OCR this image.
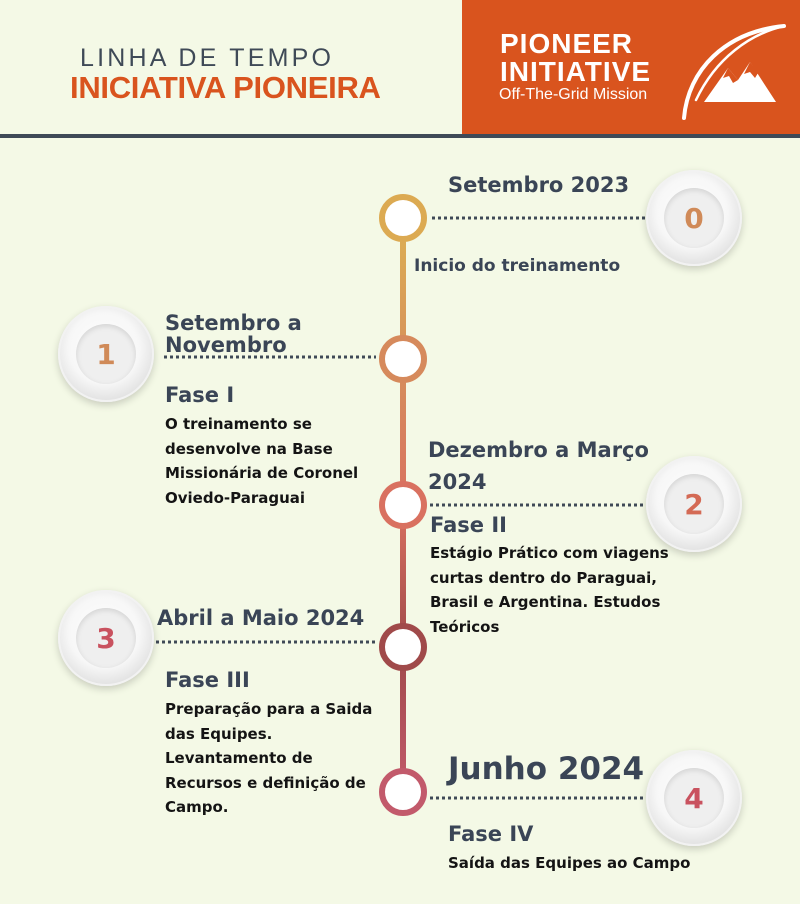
LINHA DE TEMPO
INICIATIVA PIONEIRA
PIONEER
INITIATIVE
Off-The-Grid Mission
0
1
2
3
4
Setembro 2023
Inicio do treinamento
Setembro a Novembro
Fase I
O treinamento se desenvolve na Base Missionária de Coronel Oviedo-Paraguai
Dezembro a Março 2024
Fase II
Estágio Prático com viagens curtas dentro do Paraguai, Brasil e Argentina. Estudos Teóricos
Abril a Maio 2024
Fase III
Preparação para a Saida das Equipes. Levantamento de Recursos e definição de Campo.
Junho 2024
Fase IV
Saída das Equipes ao Campo
